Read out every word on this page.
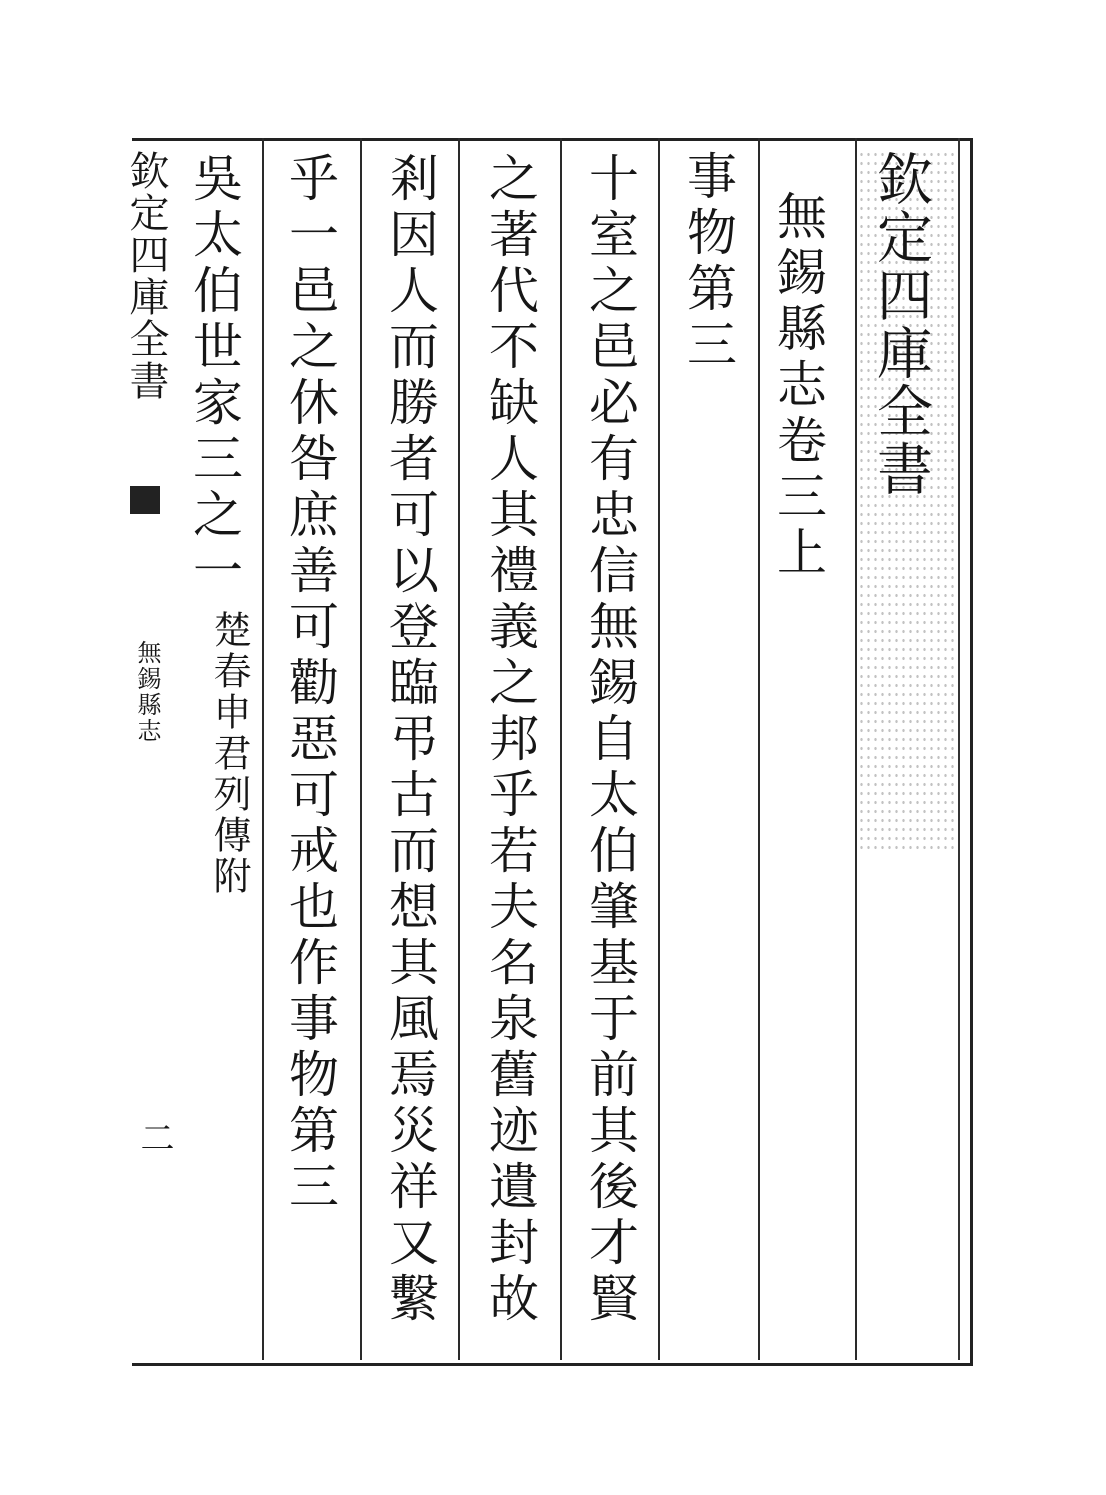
欽定四庫全書
無錫縣志
二
欽定四庫全書
無錫縣志卷三上
事物第三
十室之邑必有忠信無錫自太伯肇基于前其後才賢
之著代不缺人其禮義之邦乎若夫名泉舊迹遺封故
剎因人而勝者可以登臨弔古而想其風焉災祥又繫
乎一邑之休咎庶善可勸惡可戒也作事物第三
吳太伯世家三之一
楚春申君列傳附
